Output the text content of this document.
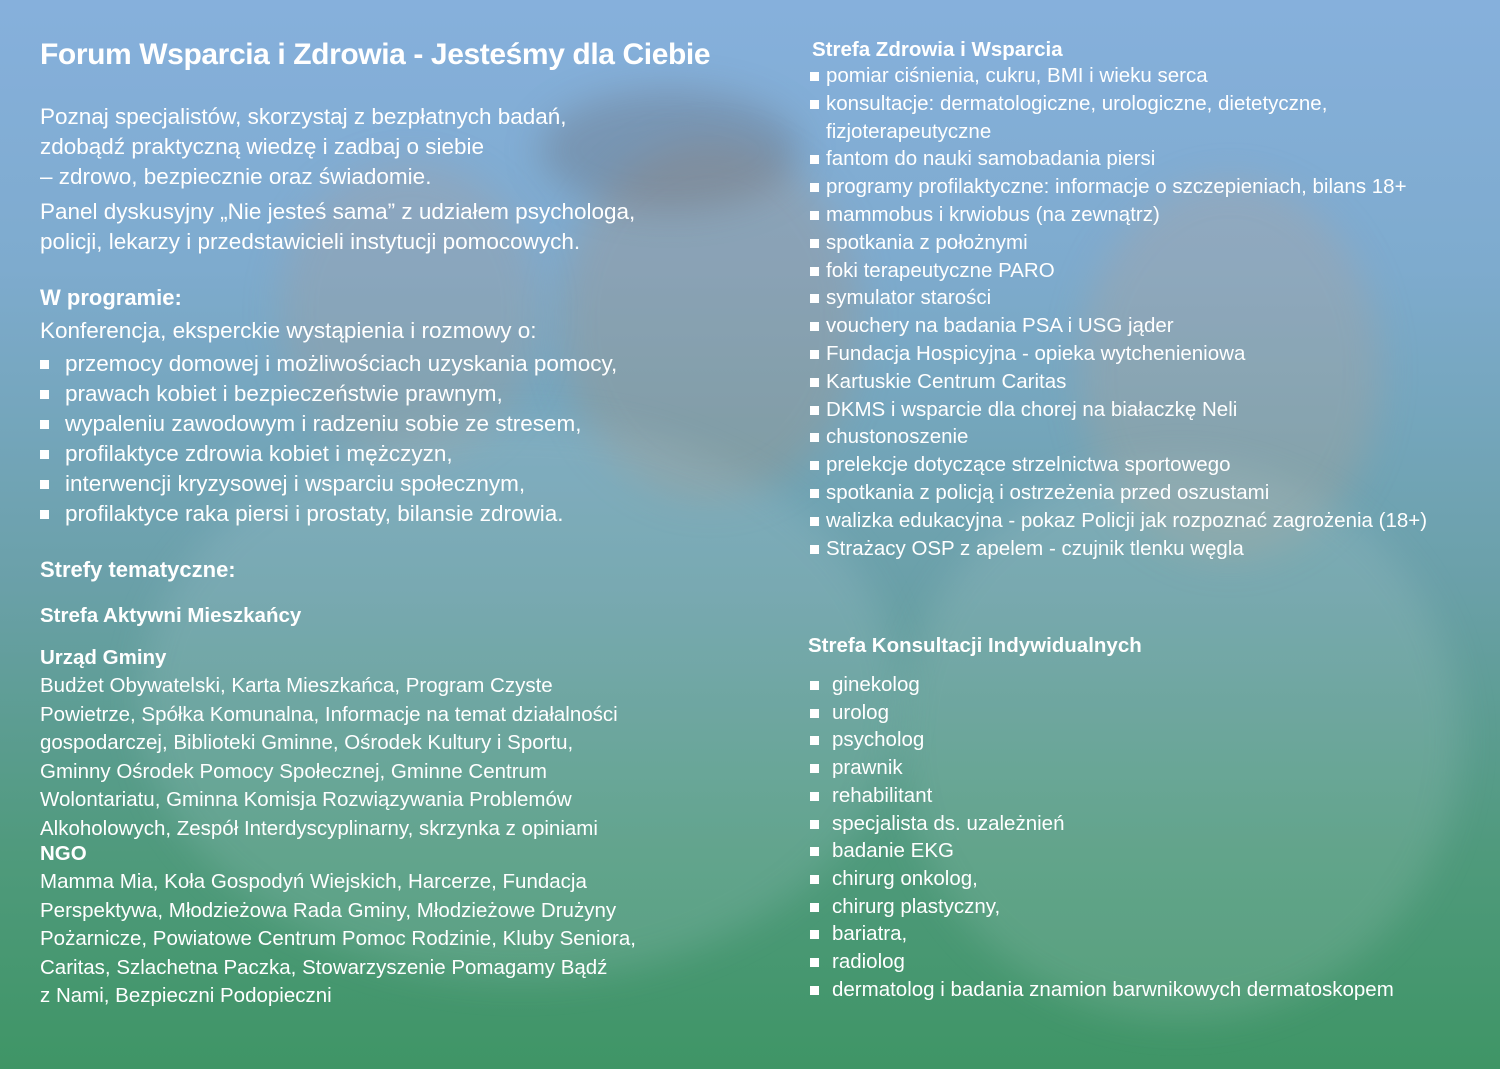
Forum Wsparcia i Zdrowia - Jesteśmy dla Ciebie

Poznaj specjalistów, skorzystaj z bezpłatnych badań,
zdobądź praktyczną wiedzę i zadbaj o siebie
– zdrowo, bezpiecznie oraz świadomie.

Panel dyskusyjny „Nie jesteś sama” z udziałem psychologa,
policji, lekarzy i przedstawicieli instytucji pomocowych.

W programie:

Konferencja, eksperckie wystąpienia i rozmowy o:

przemocy domowej i możliwościach uzyskania pomocy,
prawach kobiet i bezpieczeństwie prawnym,
wypaleniu zawodowym i radzeniu sobie ze stresem,
profilaktyce zdrowia kobiet i mężczyzn,
interwencji kryzysowej i wsparciu społecznym,
profilaktyce raka piersi i prostaty, bilansie zdrowia.
Strefy tematyczne:
Strefa Aktywni Mieszkańcy
Urząd Gminy

Budżet Obywatelski, Karta Mieszkańca, Program Czyste
Powietrze, Spółka Komunalna, Informacje na temat działalności
gospodarczej, Biblioteki Gminne, Ośrodek Kultury i Sportu,
Gminny Ośrodek Pomocy Społecznej, Gminne Centrum
Wolontariatu, Gminna Komisja Rozwiązywania Problemów
Alkoholowych, Zespół Interdyscyplinarny, skrzynka z opiniami

NGO

Mamma Mia, Koła Gospodyń Wiejskich, Harcerze, Fundacja
Perspektywa, Młodzieżowa Rada Gminy, Młodzieżowe Drużyny
Pożarnicze, Powiatowe Centrum Pomoc Rodzinie, Kluby Seniora,
Caritas, Szlachetna Paczka, Stowarzyszenie Pomagamy Bądź
z Nami, Bezpieczni Podopieczni

Strefa Zdrowia i Wsparcia
pomiar ciśnienia, cukru, BMI i wieku serca
konsultacje: dermatologiczne, urologiczne, dietetyczne, fizjoterapeutyczne
fantom do nauki samobadania piersi
programy profilaktyczne: informacje o szczepieniach, bilans 18+
mammobus i krwiobus (na zewnątrz)
spotkania z położnymi
foki terapeutyczne PARO
symulator starości
vouchery na badania PSA i USG jąder
Fundacja Hospicyjna - opieka wytchenieniowa
Kartuskie Centrum Caritas
DKMS i wsparcie dla chorej na białaczkę Neli
chustonoszenie
prelekcje dotyczące strzelnictwa sportowego
spotkania z policją i ostrzeżenia przed oszustami
walizka edukacyjna - pokaz Policji jak rozpoznać zagrożenia (18+)
Strażacy OSP z apelem - czujnik tlenku węgla
Strefa Konsultacji Indywidualnych
ginekolog
urolog
psycholog
prawnik
rehabilitant
specjalista ds. uzależnień
badanie EKG
chirurg onkolog,
chirurg plastyczny,
bariatra,
radiolog
dermatolog i badania znamion barwnikowych dermatoskopem
